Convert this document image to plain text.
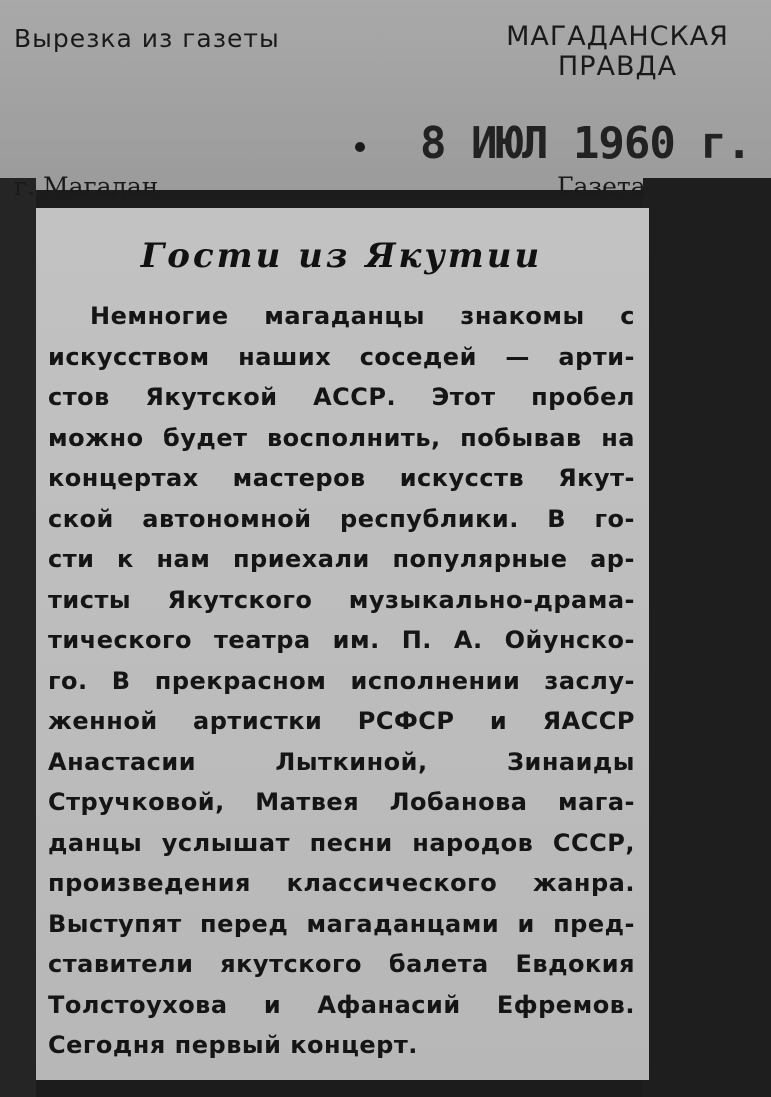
Вырезка из газеты	МАГАДАНСКАЯ ПРАВДА
8 ИЮЛ 1960 г.
г. Магадан	Газета
Гости из Якутии
Немногие магаданцы знакомы с
искусством наших соседей — арти-
стов Якутской АССР. Этот пробел
можно будет восполнить, побывав на
концертах мастеров искусств Якут-
ской автономной республики. В го-
сти к нам приехали популярные ар-
тисты Якутского музыкально-драма-
тического театра им. П. А. Ойунско-
го. В прекрасном исполнении заслу-
женной артистки РСФСР и ЯАССР
Анастасии	Лыткиной,	Зинаиды
Стручковой, Матвея Лобанова мага-
данцы услышат песни народов СССР,
произведения классического жанра.
Выступят перед магаданцами и пред-
ставители якутского балета Евдокия
Толстоухова и Афанасий Ефремов.
Сегодня первый концерт.
